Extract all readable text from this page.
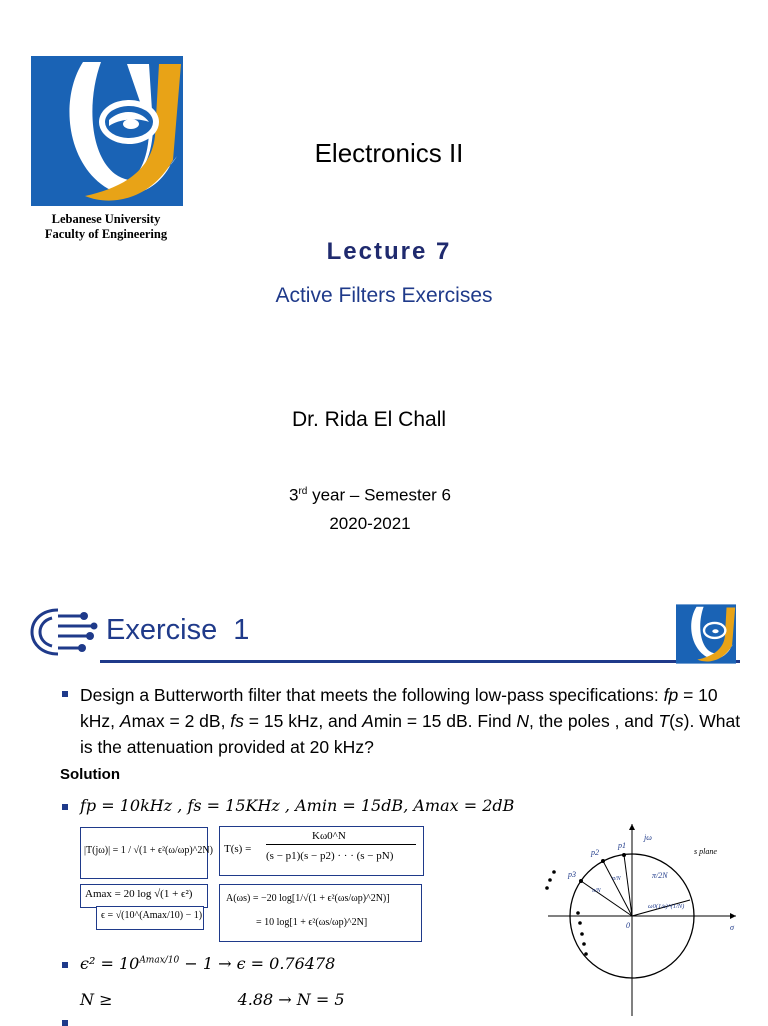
Lebanese University
Faculty of Engineering
Electronics II
Lecture 7
Active Filters Exercises
Dr. Rida El Chall
3rd year – Semester 6
2020-2021
Exercise 1
Design a Butterworth filter that meets the following low-pass specifications: fp = 10 kHz, Amax = 2 dB, fs = 15 kHz, and Amin = 15 dB. Find N, the poles , and T(s). What is the attenuation provided at 20 kHz?
Solution
fp = 10kHz , fs = 15KHz , Amin = 15dB, Amax = 2dB
|T(jω)| = 1 / √(1 + ϵ²(ω/ωp)^2N) T(s) =
Kω0^N
(s − p1)(s − p2) · · · (s − pN)
Amax = 20 log √(1 + ϵ²)
ϵ = √(10^(Amax/10) − 1)
A(ωs) = −20 log[1/√(1 + ϵ²(ωs/ωp)^2N)]
= 10 log[1 + ϵ²(ωs/ωp)^2N]
$\epsilon^2 = 10^{Amax/10} - 1 \to \epsilon = 0.76478$
N ≥	4.88 → N = 5
jω
s plane
σ
0
p1
p2
p3	π/2N
π/N
π/N
ω0(1/ϵ)^(1/N)
